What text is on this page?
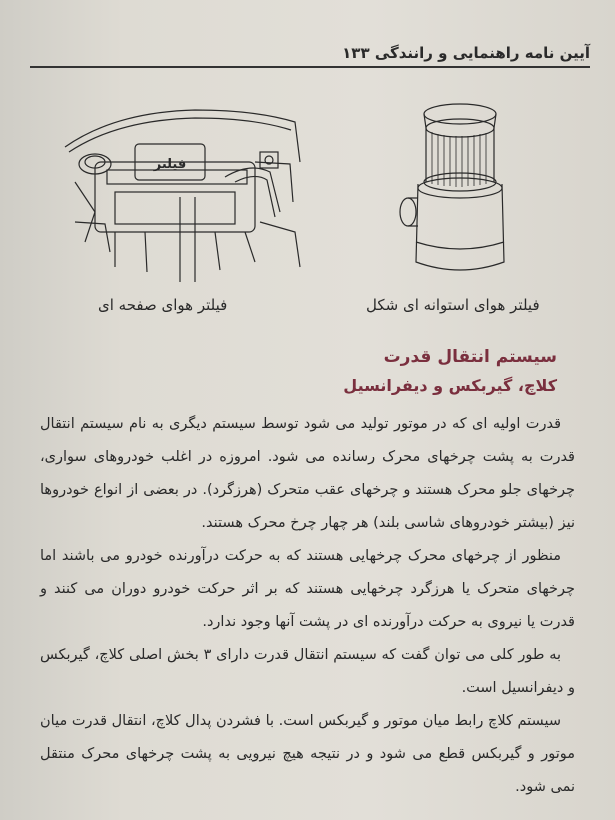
آیین نامه راهنمایی و رانندگی ۱۳۳
فیلتر
فیلتر هوای صفحه ای	فیلتر هوای استوانه ای شکل
سیستم انتقال قدرت
کلاچ، گیربکس و دیفرانسیل

قدرت اولیه ای که در موتور تولید می شود توسط سیستم دیگری به نام سیستم انتقال قدرت به پشت چرخهای محرک رسانده می شود. امروزه در اغلب خودروهای سواری، چرخهای جلو محرک هستند و چرخهای عقب متحرک (هرزگرد). در بعضی از انواع خودروها نیز (بیشتر خودروهای شاسی بلند) هر چهار چرخ محرک هستند.

منظور از چرخهای محرک چرخهایی هستند که به حرکت درآورنده خودرو می باشند اما چرخهای متحرک یا هرزگرد چرخهایی هستند که بر اثر حرکت خودرو دوران می کنند و قدرت یا نیروی به حرکت درآورنده ای در پشت آنها وجود ندارد.

به طور کلی می توان گفت که سیستم انتقال قدرت دارای ۳ بخش اصلی کلاچ، گیربکس و دیفرانسیل است.

سیستم کلاچ رابط میان موتور و گیربکس است. با فشردن پدال کلاچ، انتقال قدرت میان موتور و گیربکس قطع می شود و در نتیجه هیچ نیرویی به پشت چرخهای محرک منتقل نمی شود.
